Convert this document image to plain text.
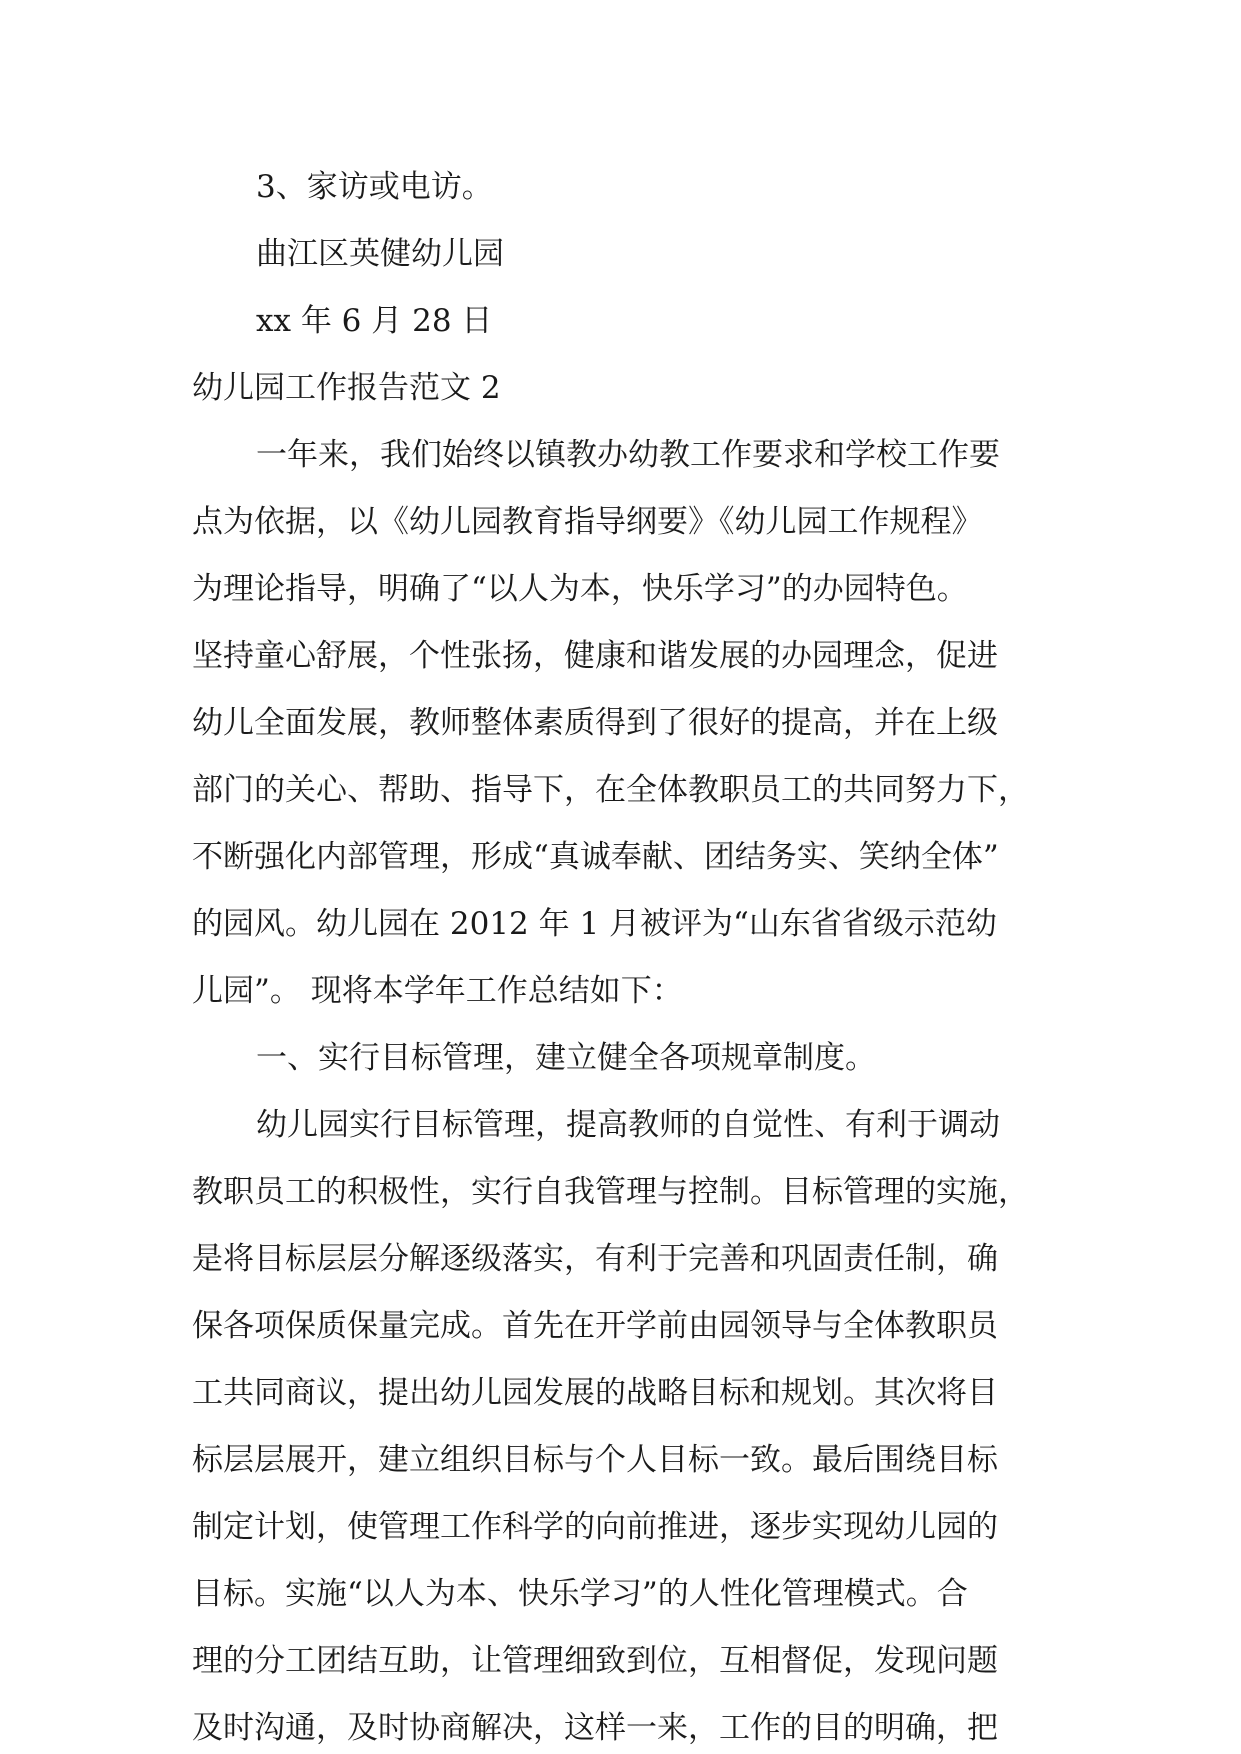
3、家访或电访。
曲江区英健幼儿园
xx 年 6 月 28 日
幼儿园工作报告范文 2
一年来，我们始终以镇教办幼教工作要求和学校工作要
点为依据，以《幼儿园教育指导纲要》《幼儿园工作规程》
为理论指导，明确了“以人为本，快乐学习”的办园特色。
坚持童心舒展，个性张扬，健康和谐发展的办园理念，促进
幼儿全面发展，教师整体素质得到了很好的提高，并在上级
部门的关心、帮助、指导下，在全体教职员工的共同努力下，
不断强化内部管理，形成“真诚奉献、团结务实、笑纳全体”
的园风。幼儿园在 2012 年 1 月被评为“山东省省级示范幼
儿园”。 现将本学年工作总结如下：
一、实行目标管理，建立健全各项规章制度。
幼儿园实行目标管理，提高教师的自觉性、有利于调动
教职员工的积极性，实行自我管理与控制。目标管理的实施，
是将目标层层分解逐级落实，有利于完善和巩固责任制，确
保各项保质保量完成。首先在开学前由园领导与全体教职员
工共同商议，提出幼儿园发展的战略目标和规划。其次将目
标层层展开，建立组织目标与个人目标一致。最后围绕目标
制定计划，使管理工作科学的向前推进，逐步实现幼儿园的
目标。实施“以人为本、快乐学习”的人性化管理模式。合
理的分工团结互助，让管理细致到位，互相督促，发现问题
及时沟通，及时协商解决，这样一来，工作的目的明确，把
